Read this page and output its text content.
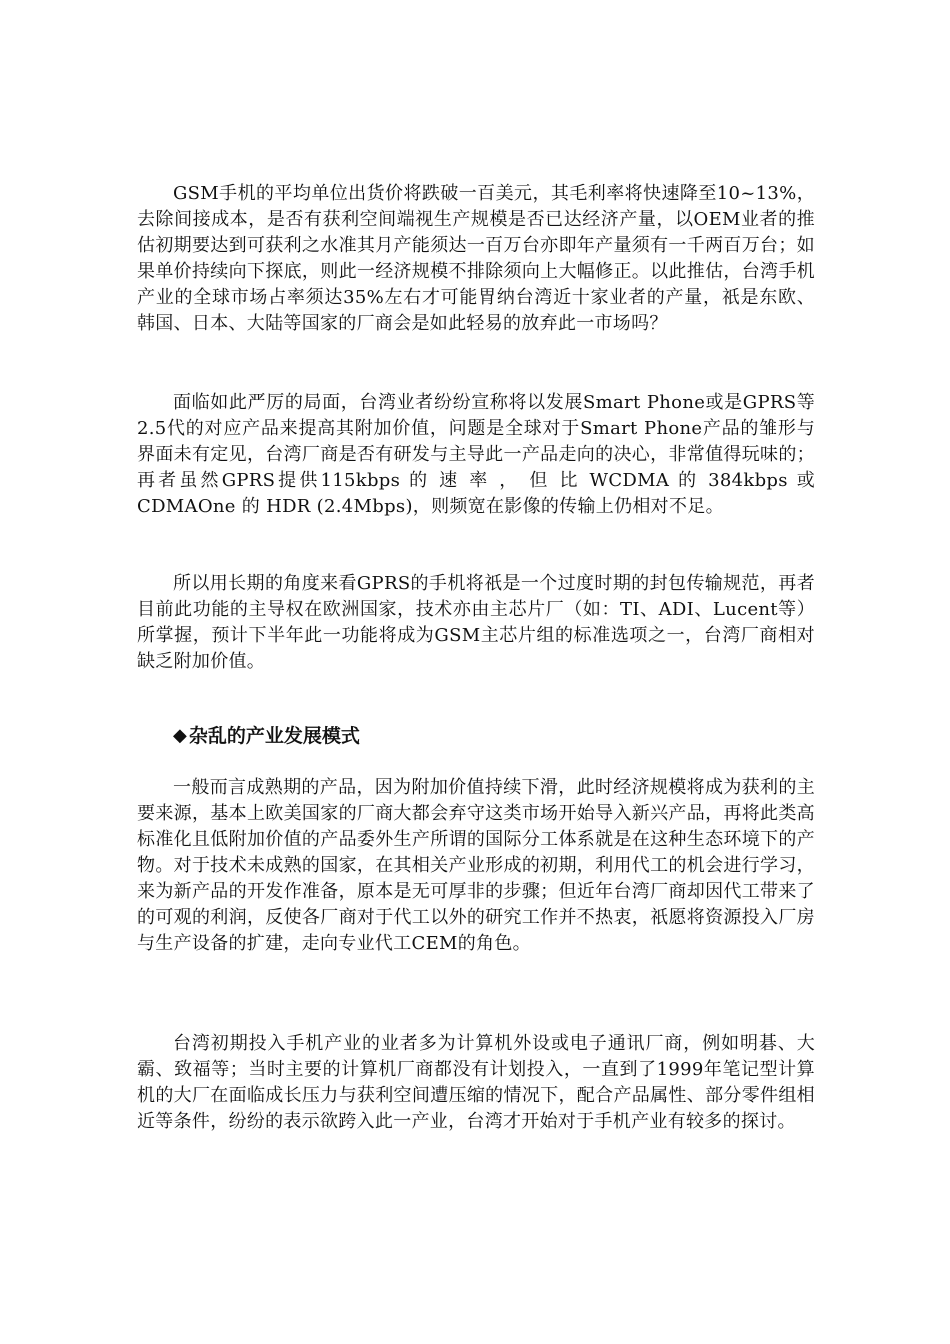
GSM手机的平均单位出货价将跌破一百美元，其毛利率将快速降至10~13%，去除间接成本，是否有获利空间端视生产规模是否已达经济产量，以OEM业者的推估初期要达到可获利之水准其月产能须达一百万台亦即年产量须有一千两百万台；如果单价持续向下探底，则此一经济规模不排除须向上大幅修正。以此推估，台湾手机产业的全球市场占率须达35%左右才可能胃纳台湾近十家业者的产量，祇是东欧、韩国、日本、大陆等国家的厂商会是如此轻易的放弃此一市场吗？

面临如此严厉的局面，台湾业者纷纷宣称将以发展Smart Phone或是GPRS等2.5代的对应产品来提高其附加价值，问题是全球对于Smart Phone产品的雏形与界面未有定见，台湾厂商是否有研发与主导此一产品走向的决心，非常值得玩味的；再者虽然GPRS提供115kbps 的 速 率 ， 但 比 WCDMA 的 384kbps 或 CDMAOne 的 HDR (2.4Mbps)，则频宽在影像的传输上仍相对不足。

所以用长期的角度来看GPRS的手机将祇是一个过度时期的封包传输规范，再者目前此功能的主导权在欧洲国家，技术亦由主芯片厂（如：TI、ADI、Lucent等）所掌握，预计下半年此一功能将成为GSM主芯片组的标准选项之一，台湾厂商相对缺乏附加价值。

◆ 杂乱的产业发展模式

一般而言成熟期的产品，因为附加价值持续下滑，此时经济规模将成为获利的主要来源，基本上欧美国家的厂商大都会弃守这类市场开始导入新兴产品，再将此类高标准化且低附加价值的产品委外生产所谓的国际分工体系就是在这种生态环境下的产物。对于技术未成熟的国家，在其相关产业形成的初期，利用代工的机会进行学习，来为新产品的开发作准备，原本是无可厚非的步骤；但近年台湾厂商却因代工带来了的可观的利润，反使各厂商对于代工以外的研究工作并不热衷，祇愿将资源投入厂房与生产设备的扩建，走向专业代工CEM的角色。

台湾初期投入手机产业的业者多为计算机外设或电子通讯厂商，例如明碁、大霸、致福等；当时主要的计算机厂商都没有计划投入，一直到了1999年笔记型计算机的大厂在面临成长压力与获利空间遭压缩的情况下，配合产品属性、部分零件组相近等条件，纷纷的表示欲跨入此一产业，台湾才开始对于手机产业有较多的探讨。
